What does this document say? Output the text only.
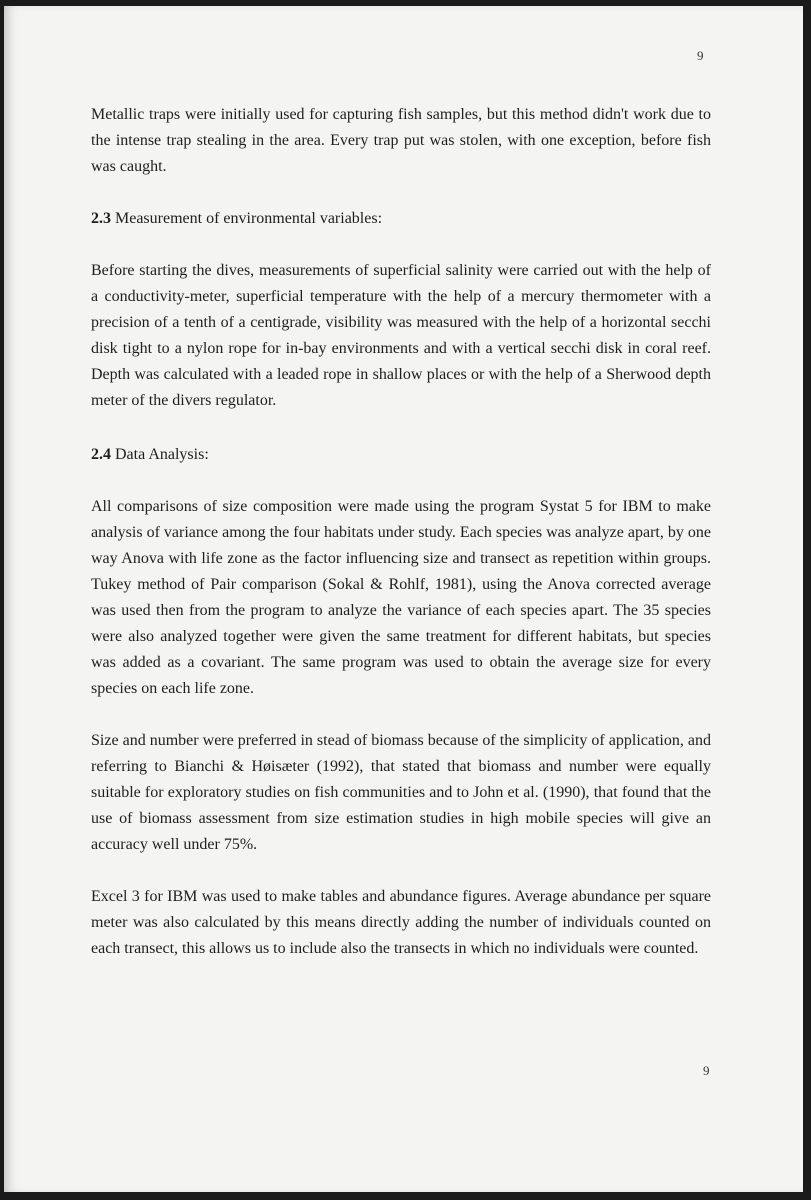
9

Metallic traps were initially used for capturing fish samples, but this method didn't work due to the intense trap stealing in the area. Every trap put was stolen, with one exception, before fish was caught.

2.3 Measurement of environmental variables:

Before starting the dives, measurements of superficial salinity were carried out with the help of a conductivity-meter, superficial temperature with the help of a mercury thermometer with a precision of a tenth of a centigrade, visibility was measured with the help of a horizontal secchi disk tight to a nylon rope for in-bay environments and with a vertical secchi disk in coral reef. Depth was calculated with a leaded rope in shallow places or with the help of a Sherwood depth meter of the divers regulator.

2.4 Data Analysis:

All comparisons of size composition were made using the program Systat 5 for IBM to make analysis of variance among the four habitats under study. Each species was analyze apart, by one way Anova with life zone as the factor influencing size and transect as repetition within groups. Tukey method of Pair comparison (Sokal & Rohlf, 1981), using the Anova corrected average was used then from the program to analyze the variance of each species apart. The 35 species were also analyzed together were given the same treatment for different habitats, but species was added as a covariant. The same program was used to obtain the average size for every species on each life zone.

Size and number were preferred in stead of biomass because of the simplicity of application, and referring to Bianchi & Høisæter (1992), that stated that biomass and number were equally suitable for exploratory studies on fish communities and to John et al. (1990), that found that the use of biomass assessment from size estimation studies in high mobile species will give an accuracy well under 75%.

Excel 3 for IBM was used to make tables and abundance figures. Average abundance per square meter was also calculated by this means directly adding the number of individuals counted on each transect, this allows us to include also the transects in which no individuals were counted.

9
